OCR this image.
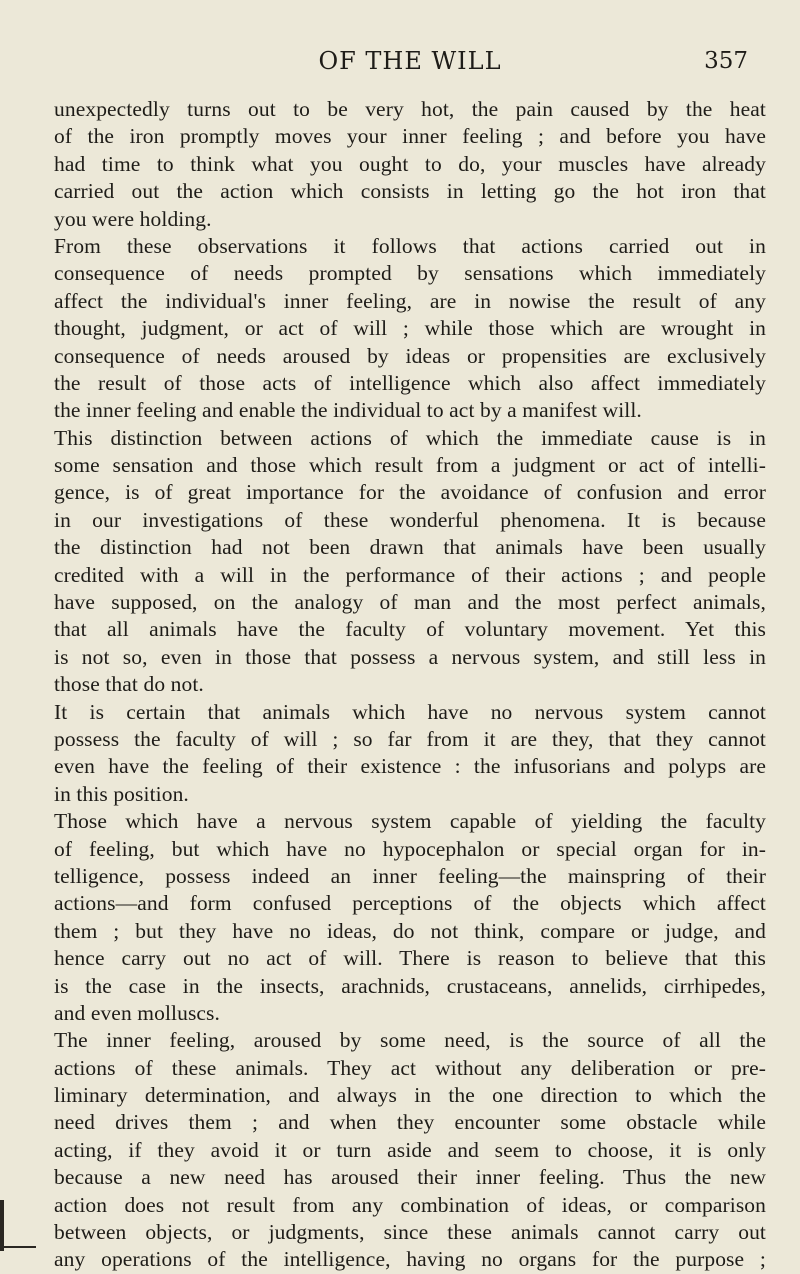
OF THE WILL	357
unexpectedly turns out to be very hot, the pain caused by the heat
of the iron promptly moves your inner feeling ; and before you have
had time to think what you ought to do, your muscles have already
carried out the action which consists in letting go the hot iron that
you were holding.
From these observations it follows that actions carried out in
consequence of needs prompted by sensations which immediately
affect the individual's inner feeling, are in nowise the result of any
thought, judgment, or act of will ; while those which are wrought in
consequence of needs aroused by ideas or propensities are exclusively
the result of those acts of intelligence which also affect immediately
the inner feeling and enable the individual to act by a manifest will.
This distinction between actions of which the immediate cause is in
some sensation and those which result from a judgment or act of intelli-
gence, is of great importance for the avoidance of confusion and error
in our investigations of these wonderful phenomena. It is because
the distinction had not been drawn that animals have been usually
credited with a will in the performance of their actions ; and people
have supposed, on the analogy of man and the most perfect animals,
that all animals have the faculty of voluntary movement. Yet this
is not so, even in those that possess a nervous system, and still less in
those that do not.
It is certain that animals which have no nervous system cannot
possess the faculty of will ; so far from it are they, that they cannot
even have the feeling of their existence : the infusorians and polyps are
in this position.
Those which have a nervous system capable of yielding the faculty
of feeling, but which have no hypocephalon or special organ for in-
telligence, possess indeed an inner feeling—the mainspring of their
actions—and form confused perceptions of the objects which affect
them ; but they have no ideas, do not think, compare or judge, and
hence carry out no act of will. There is reason to believe that this
is the case in the insects, arachnids, crustaceans, annelids, cirrhipedes,
and even molluscs.
The inner feeling, aroused by some need, is the source of all the
actions of these animals. They act without any deliberation or pre-
liminary determination, and always in the one direction to which the
need drives them ; and when they encounter some obstacle while
acting, if they avoid it or turn aside and seem to choose, it is only
because a new need has aroused their inner feeling. Thus the new
action does not result from any combination of ideas, or comparison
between objects, or judgments, since these animals cannot carry out
any operations of the intelligence, having no organs for the purpose ;
